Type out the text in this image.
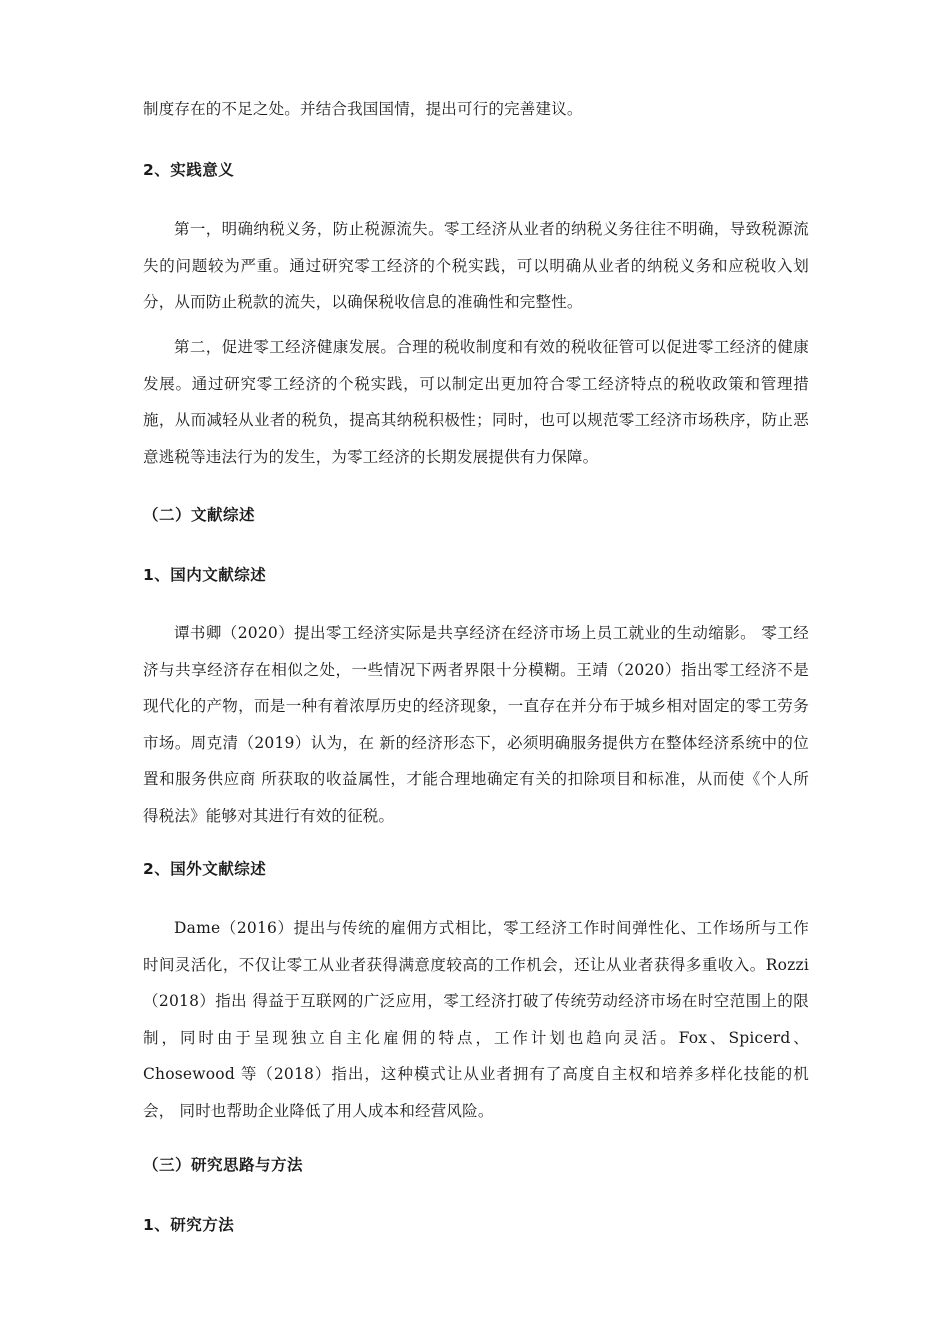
制度存在的不足之处。并结合我国国情，提出可行的完善建议。

2、实践意义

第一，明确纳税义务，防止税源流失。零工经济从业者的纳税义务往往不明确，导致税源流失的问题较为严重。通过研究零工经济的个税实践，可以明确从业者的纳税义务和应税收入划分，从而防止税款的流失，以确保税收信息的准确性和完整性。

第二，促进零工经济健康发展。合理的税收制度和有效的税收征管可以促进零工经济的健康发展。通过研究零工经济的个税实践，可以制定出更加符合零工经济特点的税收政策和管理措施，从而减轻从业者的税负，提高其纳税积极性；同时，也可以规范零工经济市场秩序，防止恶意逃税等违法行为的发生，为零工经济的长期发展提供有力保障。

（二）文献综述
1、国内文献综述

谭书卿（2020）提出零工经济实际是共享经济在经济市场上员工就业的生动缩影。 零工经济与共享经济存在相似之处，一些情况下两者界限十分模糊。王靖（2020）指出零工经济不是现代化的产物，而是一种有着浓厚历史的经济现象，一直存在并分布于城乡相对固定的零工劳务市场。周克清（2019）认为，在 新的经济形态下，必须明确服务提供方在整体经济系统中的位置和服务供应商 所获取的收益属性，才能合理地确定有关的扣除项目和标准，从而使《个人所 得税法》能够对其进行有效的征税。

2、国外文献综述

Dame（2016）提出与传统的雇佣方式相比，零工经济工作时间弹性化、工作场所与工作时间灵活化，不仅让零工从业者获得满意度较高的工作机会，还让从业者获得多重收入。Rozzi（2018）指出 得益于互联网的广泛应用，零工经济打破了传统劳动经济市场在时空范围上的限制，同时由于呈现独立自主化雇佣的特点，工作计划也趋向灵活。Fox、Spicerd、Chosewood 等（2018）指出，这种模式让从业者拥有了高度自主权和培养多样化技能的机会， 同时也帮助企业降低了用人成本和经营风险。

（三）研究思路与方法
1、研究方法
